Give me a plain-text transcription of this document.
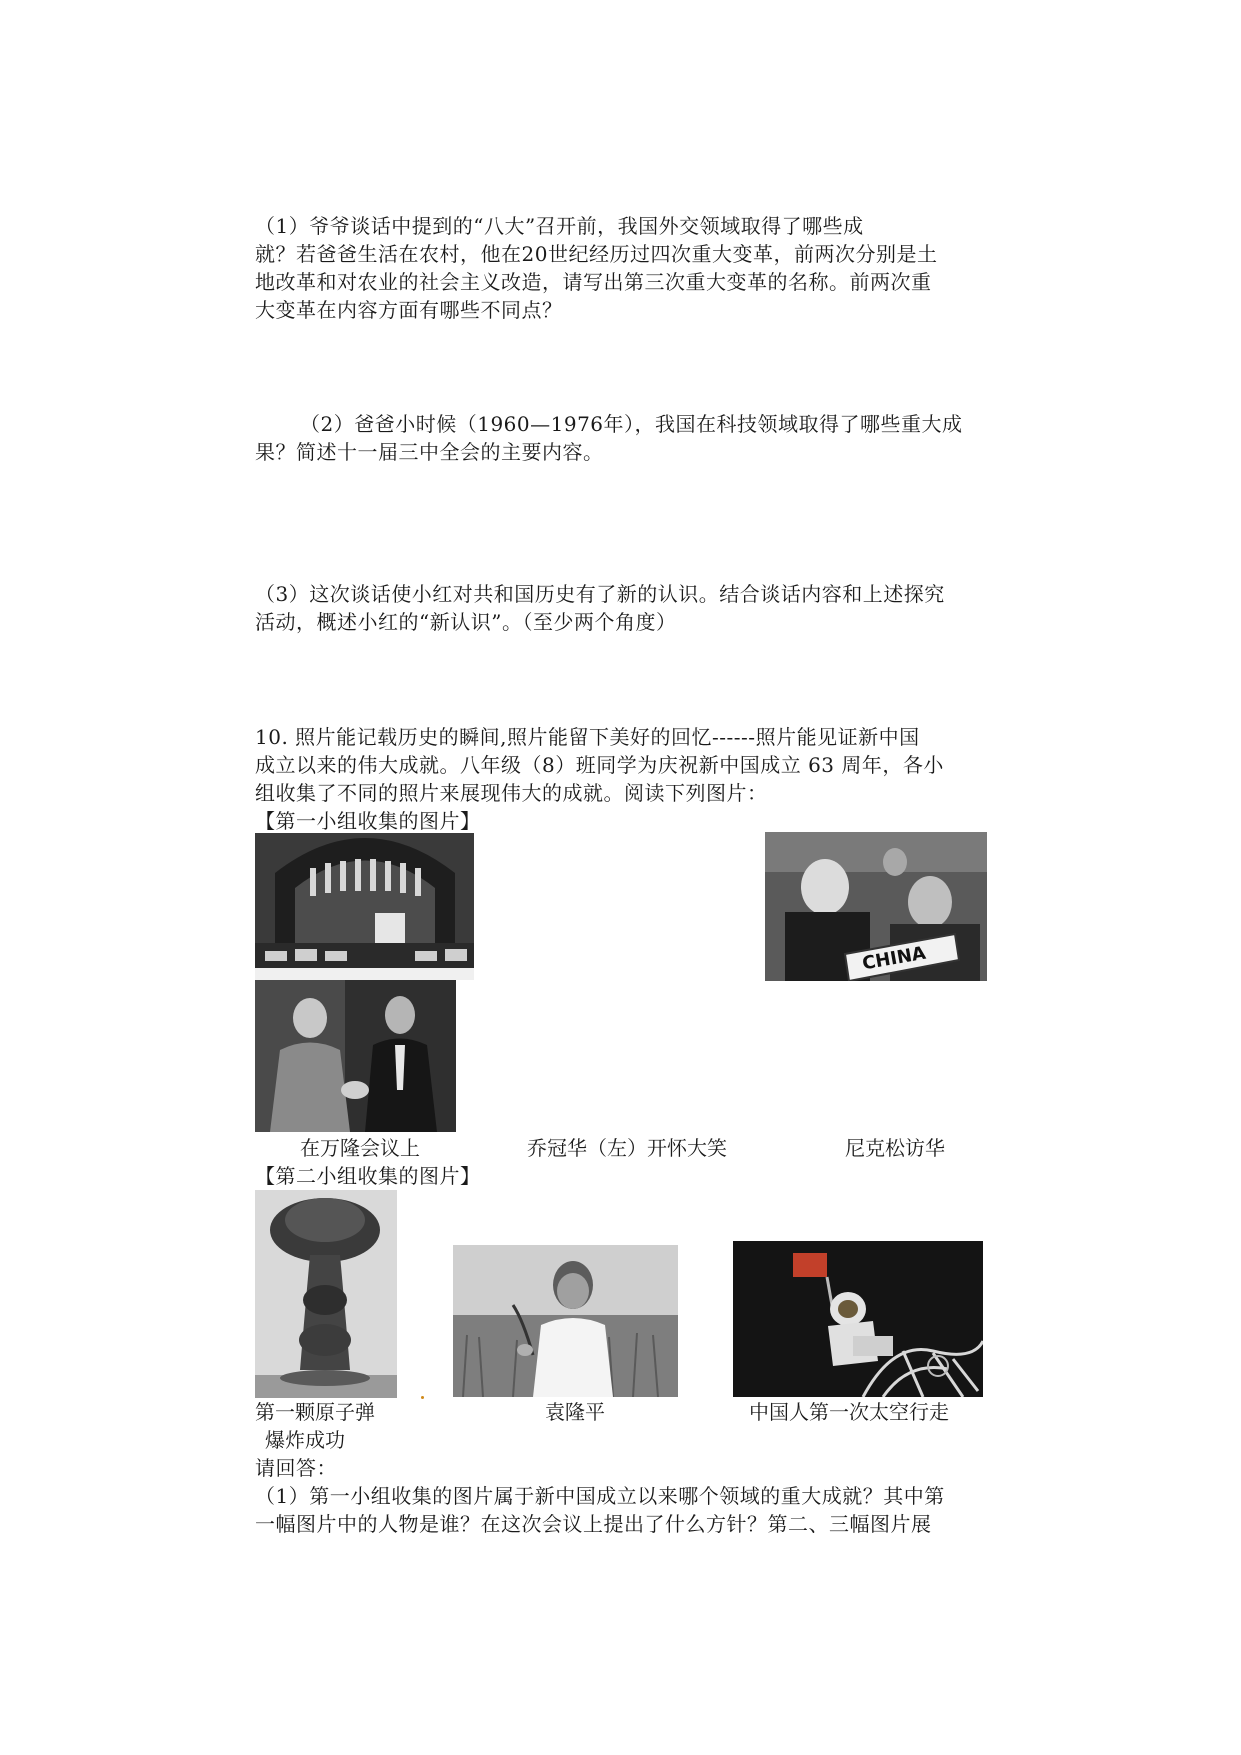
（1）爷爷谈话中提到的“八大”召开前，我国外交领域取得了哪些成
就？若爸爸生活在农村，他在20世纪经历过四次重大变革，前两次分别是土
地改革和对农业的社会主义改造，请写出第三次重大变革的名称。前两次重
大变革在内容方面有哪些不同点？
（2）爸爸小时候（1960—1976年），我国在科技领域取得了哪些重大成
果？简述十一届三中全会的主要内容。
（3）这次谈话使小红对共和国历史有了新的认识。结合谈话内容和上述探究
活动，概述小红的“新认识”。（至少两个角度）
10. 照片能记载历史的瞬间,照片能留下美好的回忆------照片能见证新中国
成立以来的伟大成就。八年级（8）班同学为庆祝新中国成立 63 周年，各小
组收集了不同的照片来展现伟大的成就。阅读下列图片：
【第一小组收集的图片】
CHINA
在万隆会议上	乔冠华（左）开怀大笑	尼克松访华
【第二小组收集的图片】
第一颗原子弹
爆炸成功
袁隆平	中国人第一次太空行走
请回答：
（1）第一小组收集的图片属于新中国成立以来哪个领域的重大成就？其中第
一幅图片中的人物是谁？在这次会议上提出了什么方针？第二、三幅图片展
